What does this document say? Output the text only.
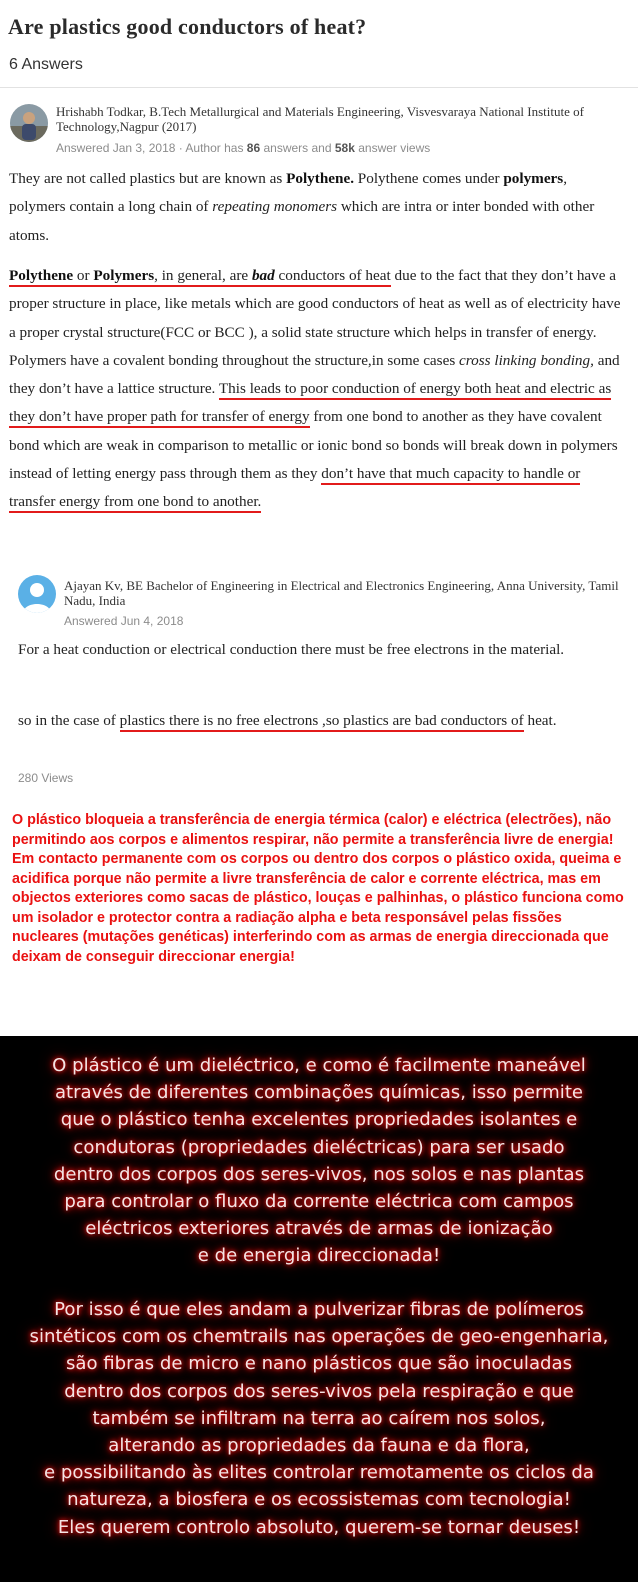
Are plastics good conductors of heat?
6 Answers
Hrishabh Todkar, B.Tech Metallurgical and Materials Engineering, Visvesvaraya National Institute of Technology,Nagpur (2017)
Answered Jan 3, 2018 · Author has 86 answers and 58k answer views
They are not called plastics but are known as Polythene. Polythene comes under polymers, polymers contain a long chain of repeating monomers which are intra or inter bonded with other atoms.
Polythene or Polymers, in general, are bad conductors of heat due to the fact that they don’t have a proper structure in place, like metals which are good conductors of heat as well as of electricity have a proper crystal structure(FCC or BCC ), a solid state structure which helps in transfer of energy. Polymers have a covalent bonding throughout the structure,in some cases cross linking bonding, and they don’t have a lattice structure. This leads to poor conduction of energy both heat and electric as they don’t have proper path for transfer of energy from one bond to another as they have covalent bond which are weak in comparison to metallic or ionic bond so bonds will break down in polymers instead of letting energy pass through them as they don’t have that much capacity to handle or transfer energy from one bond to another.
Ajayan Kv, BE Bachelor of Engineering in Electrical and Electronics Engineering, Anna University, Tamil Nadu, India
Answered Jun 4, 2018
For a heat conduction or electrical conduction there must be free electrons in the material.
so in the case of plastics there is no free electrons ,so plastics are bad conductors of heat.
280 Views
O plástico bloqueia a transferência de energia térmica (calor) e eléctrica (electrões), não permitindo aos corpos e alimentos respirar, não permite a transferência livre de energia! Em contacto permanente com os corpos ou dentro dos corpos o plástico oxida, queima e acidifica porque não permite a livre transferência de calor e corrente eléctrica, mas em objectos exteriores como sacas de plástico, louças e palhinhas, o plástico funciona como um isolador e protector contra a radiação alpha e beta responsável pelas fissões nucleares (mutações genéticas) interferindo com as armas de energia direccionada que deixam de conseguir direccionar energia!
O plástico é um dieléctrico, e como é facilmente maneável
através de diferentes combinações químicas, isso permite
que o plástico tenha excelentes propriedades isolantes e
condutoras (propriedades dieléctricas) para ser usado
dentro dos corpos dos seres-vivos, nos solos e nas plantas
para controlar o fluxo da corrente eléctrica com campos
eléctricos exteriores através de armas de ionização
e de energia direccionada!
Por isso é que eles andam a pulverizar fibras de polímeros
sintéticos com os chemtrails nas operações de geo-engenharia,
são fibras de micro e nano plásticos que são inoculadas
dentro dos corpos dos seres-vivos pela respiração e que
também se infiltram na terra ao caírem nos solos,
alterando as propriedades da fauna e da flora,
e possibilitando às elites controlar remotamente os ciclos da
natureza, a biosfera e os ecossistemas com tecnologia!
Eles querem controlo absoluto, querem-se tornar deuses!
